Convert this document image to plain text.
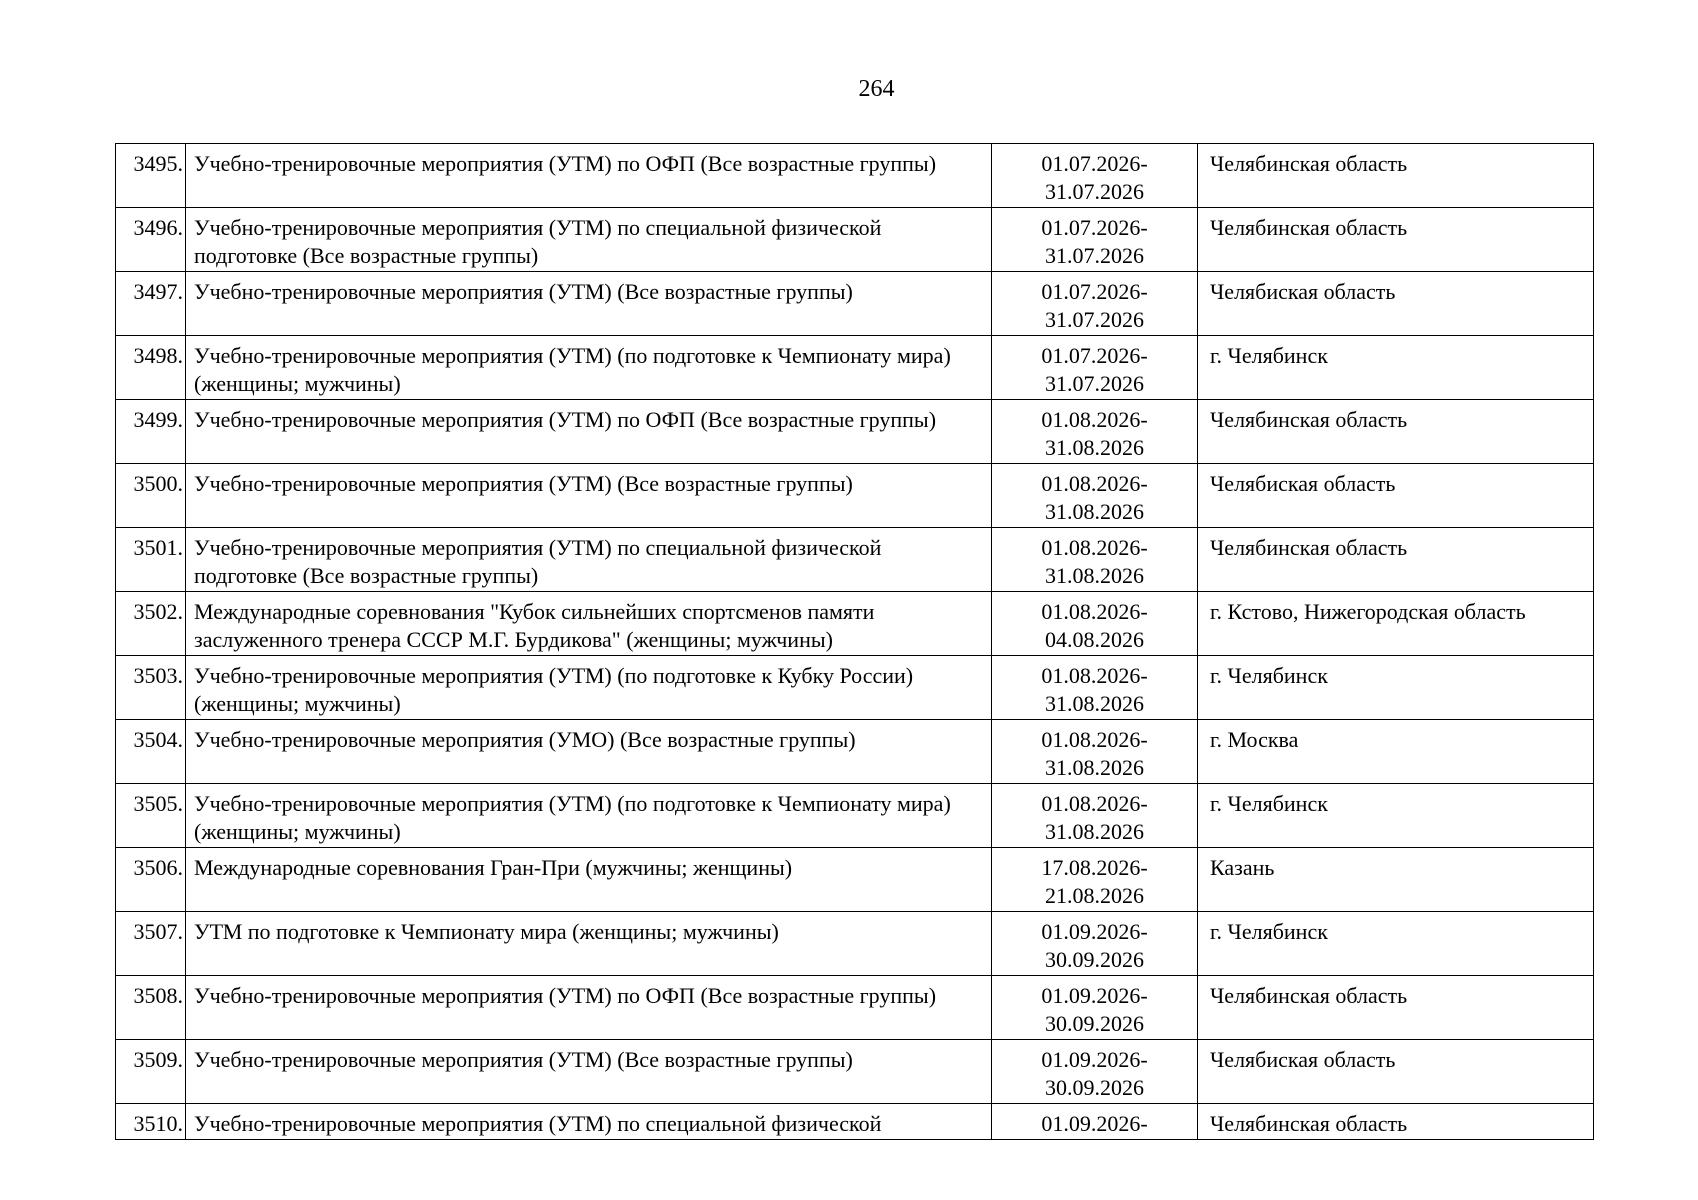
264
3495.	Учебно-тренировочные мероприятия (УТМ) по ОФП (Все возрастные группы)	01.07.2026-
31.07.2026	Челябинская область
3496.	Учебно-тренировочные мероприятия (УТМ) по специальной физической подготовке (Все возрастные группы)	01.07.2026-
31.07.2026	Челябинская область
3497.	Учебно-тренировочные мероприятия (УТМ) (Все возрастные группы)	01.07.2026-
31.07.2026	Челябиская область
3498.	Учебно-тренировочные мероприятия (УТМ) (по подготовке к Чемпионату мира) (женщины; мужчины)	01.07.2026-
31.07.2026	г. Челябинск
3499.	Учебно-тренировочные мероприятия (УТМ) по ОФП (Все возрастные группы)	01.08.2026-
31.08.2026	Челябинская область
3500.	Учебно-тренировочные мероприятия (УТМ) (Все возрастные группы)	01.08.2026-
31.08.2026	Челябиская область
3501.	Учебно-тренировочные мероприятия (УТМ) по специальной физической подготовке (Все возрастные группы)	01.08.2026-
31.08.2026	Челябинская область
3502.	Международные соревнования "Кубок сильнейших спортсменов памяти заслуженного тренера СССР М.Г. Бурдикова" (женщины; мужчины)	01.08.2026-
04.08.2026	г. Кстово, Нижегородская область
3503.	Учебно-тренировочные мероприятия (УТМ) (по подготовке к Кубку России) (женщины; мужчины)	01.08.2026-
31.08.2026	г. Челябинск
3504.	Учебно-тренировочные мероприятия (УМО) (Все возрастные группы)	01.08.2026-
31.08.2026	г. Москва
3505.	Учебно-тренировочные мероприятия (УТМ) (по подготовке к Чемпионату мира) (женщины; мужчины)	01.08.2026-
31.08.2026	г. Челябинск
3506.	Международные соревнования Гран-При (мужчины; женщины)	17.08.2026-
21.08.2026	Казань
3507.	УТМ по подготовке к Чемпионату мира (женщины; мужчины)	01.09.2026-
30.09.2026	г. Челябинск
3508.	Учебно-тренировочные мероприятия (УТМ) по ОФП (Все возрастные группы)	01.09.2026-
30.09.2026	Челябинская область
3509.	Учебно-тренировочные мероприятия (УТМ) (Все возрастные группы)	01.09.2026-
30.09.2026	Челябиская область
3510.	Учебно-тренировочные мероприятия (УТМ) по специальной физической	01.09.2026-	Челябинская область
